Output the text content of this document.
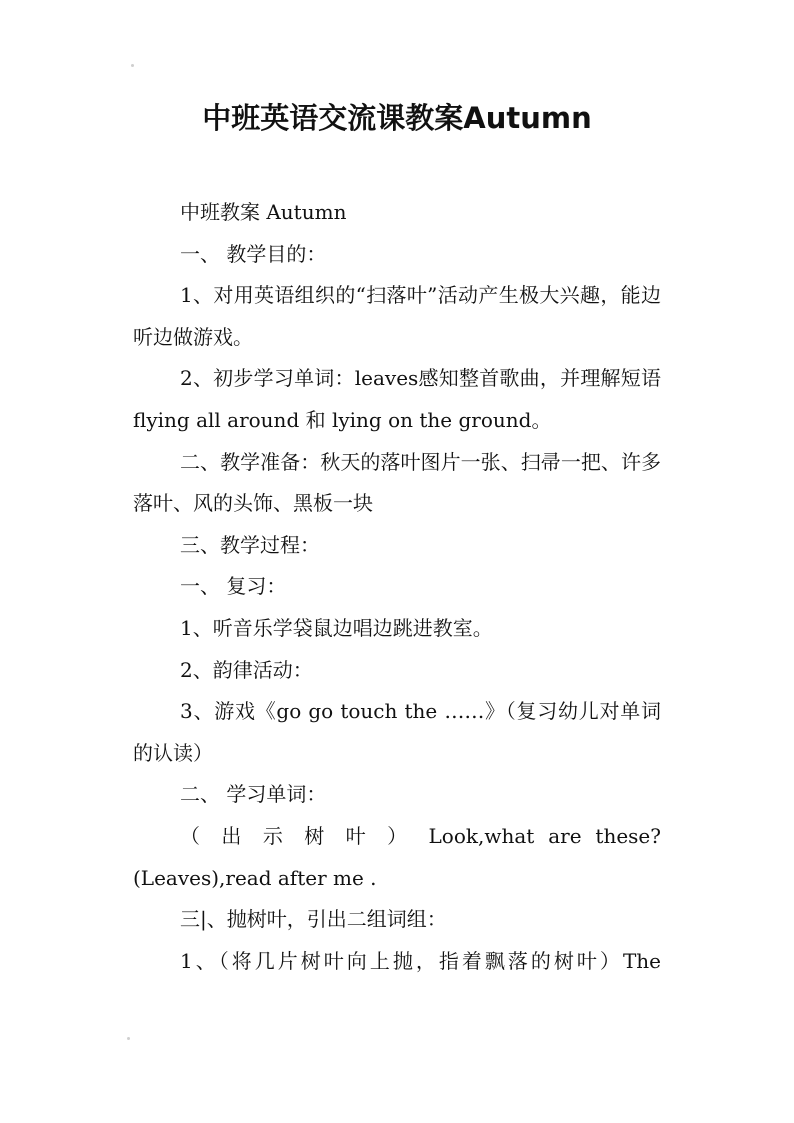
中班英语交流课教案Autumn

中班教案 Autumn

一、 教学目的：

1、对用英语组织的“扫落叶”活动产生极大兴趣，能边听边做游戏。

2、初步学习单词：leaves感知整首歌曲，并理解短语 flying all around 和 lying on the ground。

二、教学准备：秋天的落叶图片一张、扫帚一把、许多落叶、风的头饰、黑板一块

三、教学过程：

一、 复习：

1、听音乐学袋鼠边唱边跳进教室。

2、韵律活动：

3、游戏《go go touch the ……》（复习幼儿对单词的认读）

二、 学习单词：

（ 出 示 树 叶 ） Look,what are these?(Leaves),read after me .

三|、抛树叶，引出二组词组：

1、（将几片树叶向上抛，指着飘落的树叶）The
